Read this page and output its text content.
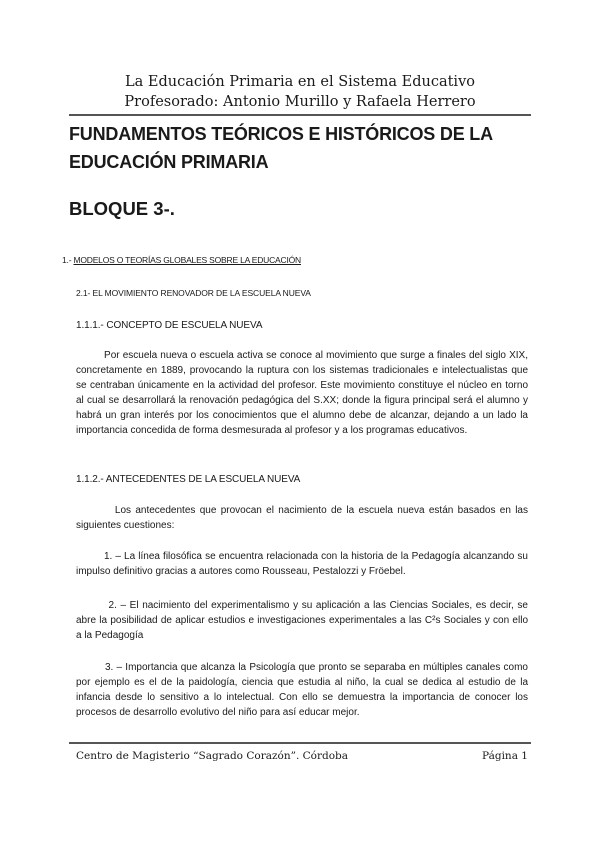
La Educación Primaria en el Sistema Educativo
Profesorado: Antonio Murillo y Rafaela Herrero
FUNDAMENTOS TEÓRICOS E HISTÓRICOS DE LA EDUCACIÓN PRIMARIA
BLOQUE 3-.
1.- MODELOS O TEORÍAS GLOBALES SOBRE LA EDUCACIÓN
2.1- EL MOVIMIENTO RENOVADOR DE LA ESCUELA NUEVA
1.1.1.- CONCEPTO DE ESCUELA NUEVA

Por escuela nueva o escuela activa se conoce al movimiento que surge a finales del siglo XIX, concretamente en 1889, provocando la ruptura con los sistemas tradicionales e intelectualistas que se centraban únicamente en la actividad del profesor. Este movimiento constituye el núcleo en torno al cual se desarrollará la renovación pedagógica del S.XX; donde la figura principal será el alumno y habrá un gran interés por los conocimientos que el alumno debe de alcanzar, dejando a un lado la importancia concedida de forma desmesurada al profesor y a los programas educativos.

1.1.2.- ANTECEDENTES DE LA ESCUELA NUEVA

Los antecedentes que provocan el nacimiento de la escuela nueva están basados en las siguientes cuestiones:

1. – La línea filosófica se encuentra relacionada con la historia de la Pedagogía alcanzando su impulso definitivo gracias a autores como Rousseau, Pestalozzi y Fröebel.

2. – El nacimiento del experimentalismo y su aplicación a las Ciencias Sociales, es decir, se abre la posibilidad de aplicar estudios e investigaciones experimentales a las C²s Sociales y con ello a la Pedagogía

3. – Importancia que alcanza la Psicología que pronto se separaba en múltiples canales como por ejemplo es el de la paidología, ciencia que estudia al niño, la cual se dedica al estudio de la infancia desde lo sensitivo a lo intelectual. Con ello se demuestra la importancia de conocer los procesos de desarrollo evolutivo del niño para así educar mejor.

Centro de Magisterio “Sagrado Corazón”. Córdoba	Página 1
